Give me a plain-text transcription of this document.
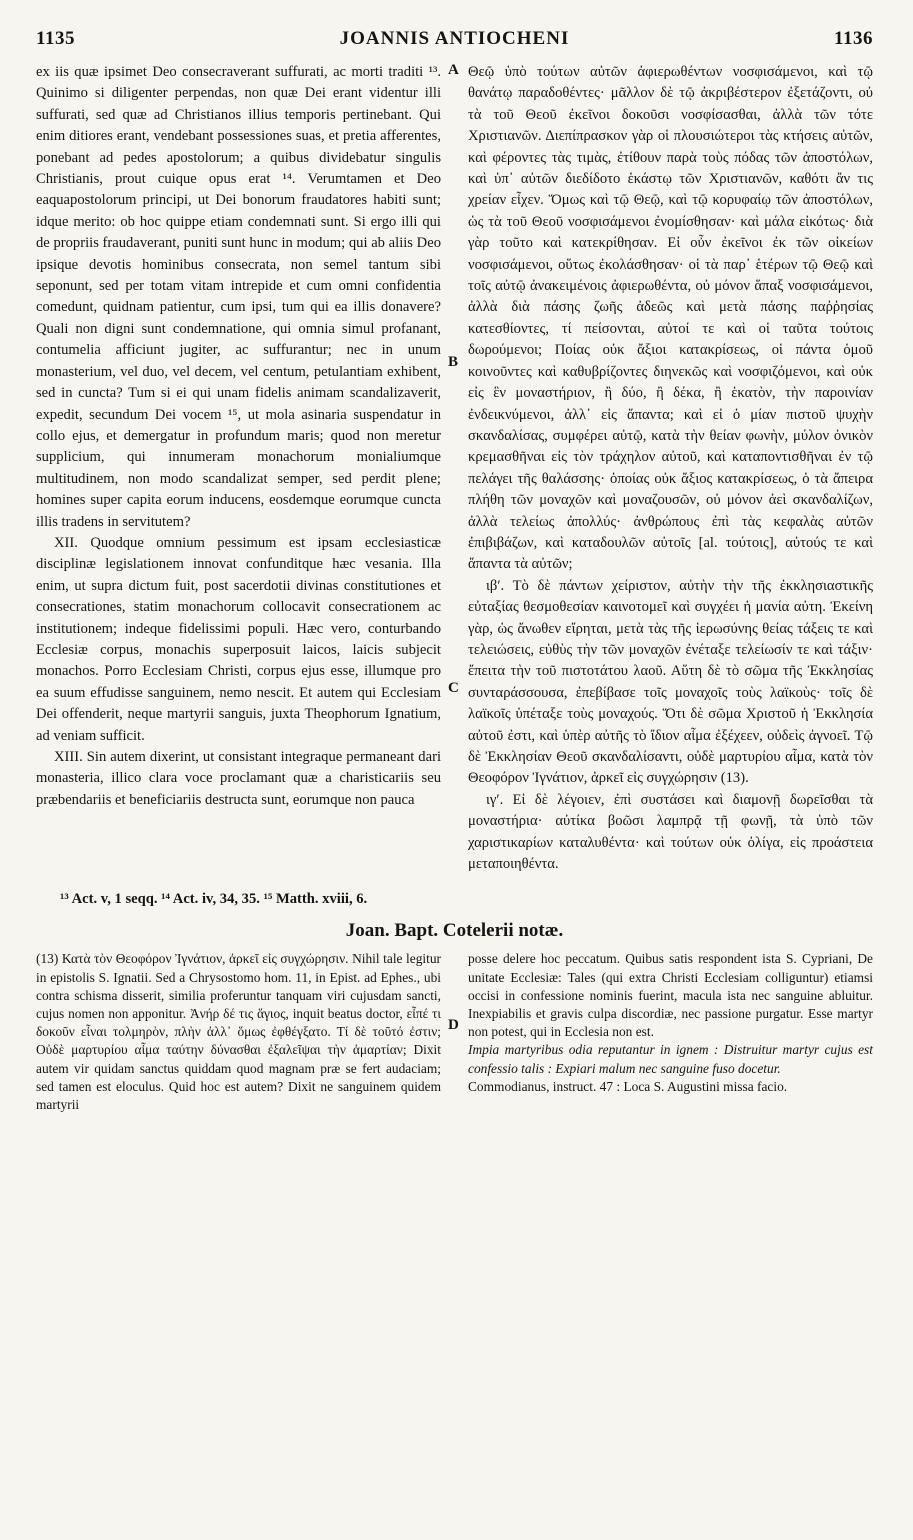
1135	JOANNIS ANTIOCHENI	1136
A
B
C
D

ex iis quæ ipsimet Deo consecraverant suffurati, ac morti traditi ¹³. Quinimo si diligenter perpendas, non quæ Dei erant videntur illi suffurati, sed quæ ad Christianos illius temporis pertinebant. Qui enim ditiores erant, vendebant possessiones suas, et pretia afferentes, ponebant ad pedes apostolorum; a quibus dividebatur singulis Christianis, prout cuique opus erat ¹⁴. Verumtamen et Deo eaquapostolorum principi, ut Dei bonorum fraudatores habiti sunt; idque merito: ob hoc quippe etiam condemnati sunt. Si ergo illi qui de propriis fraudaverant, puniti sunt hunc in modum; qui ab aliis Deo ipsique devotis hominibus consecrata, non semel tantum sibi seponunt, sed per totam vitam intrepide et cum omni confidentia comedunt, quidnam patientur, cum ipsi, tum qui ea illis donavere? Quali non digni sunt condemnatione, qui omnia simul profanant, contumelia afficiunt jugiter, ac suffurantur; nec in unum monasterium, vel duo, vel decem, vel centum, petulantiam exhibent, sed in cuncta? Tum si ei qui unam fidelis animam scandalizaverit, expedit, secundum Dei vocem ¹⁵, ut mola asinaria suspendatur in collo ejus, et demergatur in profundum maris; quod non meretur supplicium, qui innumeram monachorum monialiumque multitudinem, non modo scandalizat semper, sed perdit plene; homines super capita eorum inducens, eosdemque eorumque cuncta illis tradens in servitutem?

XII. Quodque omnium pessimum est ipsam ecclesiasticæ disciplinæ legislationem innovat confunditque hæc vesania. Illa enim, ut supra dictum fuit, post sacerdotii divinas constitutiones et consecrationes, statim monachorum collocavit consecrationem ac institutionem; indeque fidelissimi populi. Hæc vero, conturbando Ecclesiæ corpus, monachis superposuit laicos, laicis subjecit monachos. Porro Ecclesiam Christi, corpus ejus esse, illumque pro ea suum effudisse sanguinem, nemo nescit. Et autem qui Ecclesiam Dei offenderit, neque martyrii sanguis, juxta Theophorum Ignatium, ad veniam sufficit.

XIII. Sin autem dixerint, ut consistant integraque permaneant dari monasteria, illico clara voce proclamant quæ a charisticariis seu præbendariis et beneficiariis destructa sunt, eorumque non pauca

Θεῷ ὑπὸ τούτων αὐτῶν ἀφιερωθέντων νοσφισάμενοι, καὶ τῷ θανάτῳ παραδοθέντες· μᾶλλον δὲ τῷ ἀκριβέστερον ἐξετάζοντι, οὐ τὰ τοῦ Θεοῦ ἐκεῖνοι δοκοῦσι νοσφίσασθαι, ἀλλὰ τῶν τότε Χριστιανῶν. Διεπίπρασκον γὰρ οἱ πλουσιώτεροι τὰς κτήσεις αὐτῶν, καὶ φέροντες τὰς τιμὰς, ἐτίθουν παρὰ τοὺς πόδας τῶν ἀποστόλων, καὶ ὑπ᾽ αὐτῶν διεδίδοτο ἑκάστῳ τῶν Χριστιανῶν, καθότι ἄν τις χρείαν εἶχεν. Ὅμως καὶ τῷ Θεῷ, καὶ τῷ κορυφαίῳ τῶν ἀποστόλων, ὡς τὰ τοῦ Θεοῦ νοσφισάμενοι ἐνομίσθησαν· καὶ μάλα εἰκότως· διὰ γὰρ τοῦτο καὶ κατεκρίθησαν. Εἰ οὖν ἐκεῖνοι ἐκ τῶν οἰκείων νοσφισάμενοι, οὕτως ἐκολάσθησαν· οἱ τὰ παρ᾽ ἑτέρων τῷ Θεῷ καὶ τοῖς αὐτῷ ἀνακειμένοις ἀφιερωθέντα, οὐ μόνον ἅπαξ νοσφισάμενοι, ἀλλὰ διὰ πάσης ζωῆς ἀδεῶς καὶ μετὰ πάσης παῤῥησίας κατεσθίοντες, τί πείσονται, αὐτοί τε καὶ οἱ ταῦτα τούτοις δωρούμενοι; Ποίας οὐκ ἄξιοι κατακρίσεως, οἱ πάντα ὁμοῦ κοινοῦντες καὶ καθυβρίζοντες διηνεκῶς καὶ νοσφιζόμενοι, καὶ οὐκ εἰς ἓν μοναστήριον, ἢ δύο, ἢ δέκα, ἢ ἑκατὸν, τὴν παροινίαν ἐνδεικνύμενοι, ἀλλ᾽ εἰς ἅπαντα; καὶ εἰ ὁ μίαν πιστοῦ ψυχὴν σκανδαλίσας, συμφέρει αὐτῷ, κατὰ τὴν θείαν φωνὴν, μύλον ὀνικὸν κρεμασθῆναι εἰς τὸν τράχηλον αὐτοῦ, καὶ καταποντισθῆναι ἐν τῷ πελάγει τῆς θαλάσσης· ὁποίας οὐκ ἄξιος κατακρίσεως, ὁ τὰ ἄπειρα πλήθη τῶν μοναχῶν καὶ μοναζουσῶν, οὐ μόνον ἀεὶ σκανδαλίζων, ἀλλὰ τελείως ἀπολλύς· ἀνθρώπους ἐπὶ τὰς κεφαλὰς αὐτῶν ἐπιβιβάζων, καὶ καταδουλῶν αὐτοῖς [al. τούτοις], αὐτούς τε καὶ ἅπαντα τὰ αὐτῶν;

ιβʹ. Τὸ δὲ πάντων χείριστον, αὐτὴν τὴν τῆς ἐκκλησιαστικῆς εὐταξίας θεσμοθεσίαν καινοτομεῖ καὶ συγχέει ἡ μανία αὐτη. Ἐκείνη γὰρ, ὡς ἄνωθεν εἴρηται, μετὰ τὰς τῆς ἱερωσύνης θείας τάξεις τε καὶ τελειώσεις, εὐθὺς τὴν τῶν μοναχῶν ἐνέταξε τελείωσίν τε καὶ τάξιν· ἔπειτα τὴν τοῦ πιστοτάτου λαοῦ. Αὕτη δὲ τὸ σῶμα τῆς Ἐκκλησίας συνταράσσουσα, ἐπεβίβασε τοῖς μοναχοῖς τοὺς λαϊκοὺς· τοῖς δὲ λαϊκοῖς ὑπέταξε τοὺς μοναχούς. Ὅτι δὲ σῶμα Χριστοῦ ἡ Ἐκκλησία αὐτοῦ ἐστι, καὶ ὑπὲρ αὐτῆς τὸ ἴδιον αἷμα ἐξέχεεν, οὐδεὶς ἀγνοεῖ. Τῷ δὲ Ἐκκλησίαν Θεοῦ σκανδαλίσαντι, οὐδὲ μαρτυρίου αἷμα, κατὰ τὸν Θεοφόρον Ἰγνάτιον, ἀρκεῖ εἰς συγχώρησιν (13).

ιγʹ. Εἰ δὲ λέγοιεν, ἐπὶ συστάσει καὶ διαμονῇ δωρεῖσθαι τὰ μοναστήρια· αὐτίκα βοῶσι λαμπρᾷ τῇ φωνῇ, τὰ ὑπὸ τῶν χαριστικαρίων καταλυθέντα· καὶ τούτων οὐκ ὀλίγα, εἰς προάστεια μεταποιηθέντα.

¹³ Act. v, 1 seqq. ¹⁴ Act. iv, 34, 35. ¹⁵ Matth. xviii, 6.
Joan. Bapt. Cotelerii notæ.

(13) Κατὰ τὸν Θεοφόρον Ἰγνάτιον, ἀρκεῖ εἰς συγχώρησιν. Nihil tale legitur in epistolis S. Ignatii. Sed a Chrysostomo hom. 11, in Epist. ad Ephes., ubi contra schisma disserit, similia proferuntur tanquam viri cujusdam sancti, cujus nomen non apponitur. Ἀνήρ δέ τις ἅγιος, inquit beatus doctor, εἶπέ τι δοκοῦν εἶναι τολμηρὸν, πλὴν ἀλλ᾽ ὅμως ἐφθέγξατο. Τί δὲ τοῦτό ἐστιν; Οὐδὲ μαρτυρίου αἷμα ταύτην δύνασθαι ἐξαλεῖψαι τὴν ἁμαρτίαν; Dixit autem vir quidam sanctus quiddam quod magnam præ se fert audaciam; sed tamen est eloculus. Quid hoc est autem? Dixit ne sanguinem quidem martyrii

posse delere hoc peccatum. Quibus satis respondent ista S. Cypriani, De unitate Ecclesiæ: Tales (qui extra Christi Ecclesiam colliguntur) etiamsi occisi in confessione nominis fuerint, macula ista nec sanguine abluitur. Inexpiabilis et gravis culpa discordiæ, nec passione purgatur. Esse martyr non potest, qui in Ecclesia non est.

Impia martyribus odia reputantur in ignem : Distruitur martyr cujus est confessio talis : Expiari malum nec sanguine fuso docetur.

Commodianus, instruct. 47 : Loca S. Augustini missa facio.
